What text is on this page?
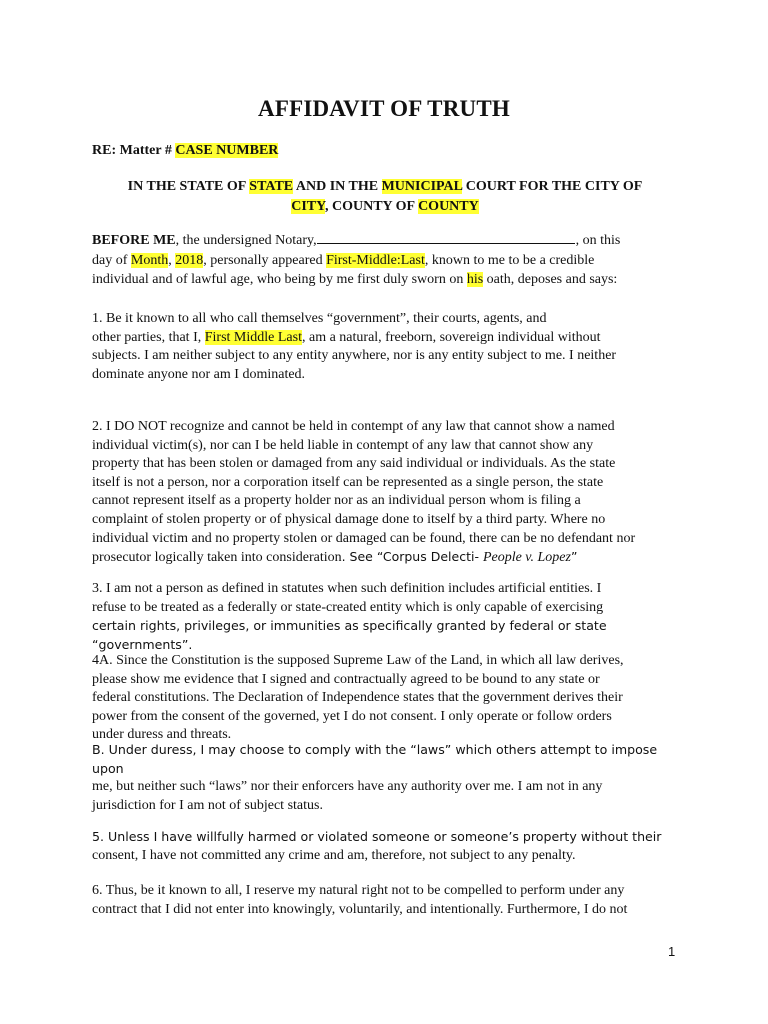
AFFIDAVIT OF TRUTH
RE: Matter # CASE NUMBER
IN THE STATE OF STATE AND IN THE MUNICIPAL COURT FOR THE CITY OF
CITY, COUNTY OF COUNTY
BEFORE ME, the undersigned Notary,	, on this
day of Month, 2018, personally appeared First-Middle:Last, known to me to be a credible
individual and of lawful age, who being by me first duly sworn on his oath, deposes and says:
1. Be it known to all who call themselves “government”, their courts, agents, and
other parties, that I, First Middle Last, am a natural, freeborn, sovereign individual without
subjects. I am neither subject to any entity anywhere, nor is any entity subject to me. I neither
dominate anyone nor am I dominated.
2. I DO NOT recognize and cannot be held in contempt of any law that cannot show a named
individual victim(s), nor can I be held liable in contempt of any law that cannot show any
property that has been stolen or damaged from any said individual or individuals. As the state
itself is not a person, nor a corporation itself can be represented as a single person, the state
cannot represent itself as a property holder nor as an individual person whom is filing a
complaint of stolen property or of physical damage done to itself by a third party. Where no
individual victim and no property stolen or damaged can be found, there can be no defendant nor
prosecutor logically taken into consideration. See “Corpus Delecti- People v. Lopez”
3. I am not a person as defined in statutes when such definition includes artificial entities. I
refuse to be treated as a federally or state-created entity which is only capable of exercising
certain rights, privileges, or immunities as specifically granted by federal or state “governments”.
4A. Since the Constitution is the supposed Supreme Law of the Land, in which all law derives,
please show me evidence that I signed and contractually agreed to be bound to any state or
federal constitutions. The Declaration of Independence states that the government derives their
power from the consent of the governed, yet I do not consent. I only operate or follow orders
under duress and threats.
B. Under duress, I may choose to comply with the “laws” which others attempt to impose upon
me, but neither such “laws” nor their enforcers have any authority over me. I am not in any
jurisdiction for I am not of subject status.
5. Unless I have willfully harmed or violated someone or someone’s property without their
consent, I have not committed any crime and am, therefore, not subject to any penalty.
6. Thus, be it known to all, I reserve my natural right not to be compelled to perform under any
contract that I did not enter into knowingly, voluntarily, and intentionally. Furthermore, I do not
1
